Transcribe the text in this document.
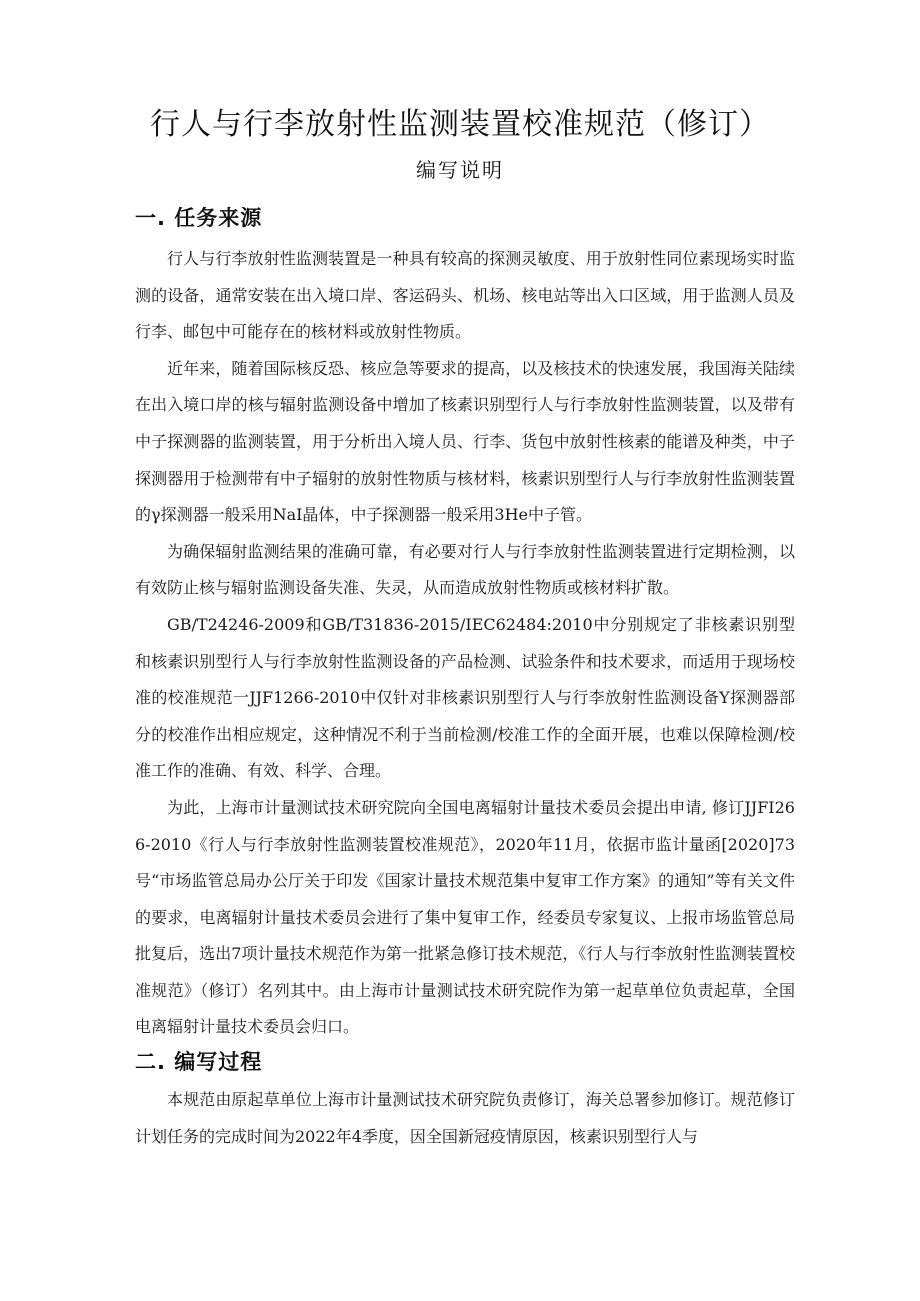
行人与行李放射性监测装置校准规范（修订）
编写说明
一. 任务来源

行人与行李放射性监测装置是一种具有较高的探测灵敏度、用于放射性同位素现场实时监测的设备，通常安装在出入境口岸、客运码头、机场、核电站等出入口区域，用于监测人员及行李、邮包中可能存在的核材料或放射性物质。

近年来，随着国际核反恐、核应急等要求的提高，以及核技术的快速发展，我国海关陆续在出入境口岸的核与辐射监测设备中增加了核素识别型行人与行李放射性监测装置，以及带有中子探测器的监测装置，用于分析出入境人员、行李、货包中放射性核素的能谱及种类，中子探测器用于检测带有中子辐射的放射性物质与核材料，核素识别型行人与行李放射性监测装置的γ探测器一般采用NaI晶体，中子探测器一般采用3He中子管。

为确保辐射监测结果的准确可靠，有必要对行人与行李放射性监测装置进行定期检测，以有效防止核与辐射监测设备失准、失灵，从而造成放射性物质或核材料扩散。

GB/T24246-2009和GB/T31836-2015/IEC62484:2010中分别规定了非核素识别型和核素识别型行人与行李放射性监测设备的产品检测、试验条件和技术要求，而适用于现场校准的校准规范一JJF1266-2010中仅针对非核素识别型行人与行李放射性监测设备Y探测器部分的校准作出相应规定，这种情况不利于当前检测/校准工作的全面开展，也难以保障检测/校准工作的准确、有效、科学、合理。

为此，上海市计量测试技术研究院向全国电离辐射计量技术委员会提出申请, 修订JJFI266-2010《行人与行李放射性监测装置校准规范》，2020年11月，依据市监计量函[2020]73号“市场监管总局办公厅关于印发《国家计量技术规范集中复审工作方案》的通知”等有关文件的要求，电离辐射计量技术委员会进行了集中复审工作，经委员专家复议、上报市场监管总局批复后，选出7项计量技术规范作为第一批紧急修订技术规范，《行人与行李放射性监测装置校准规范》（修订）名列其中。由上海市计量测试技术研究院作为第一起草单位负责起草，全国电离辐射计量技术委员会归口。

二. 编写过程

本规范由原起草单位上海市计量测试技术研究院负责修订，海关总署参加修订。规范修订计划任务的完成时间为2022年4季度，因全国新冠疫情原因，核素识别型行人与
